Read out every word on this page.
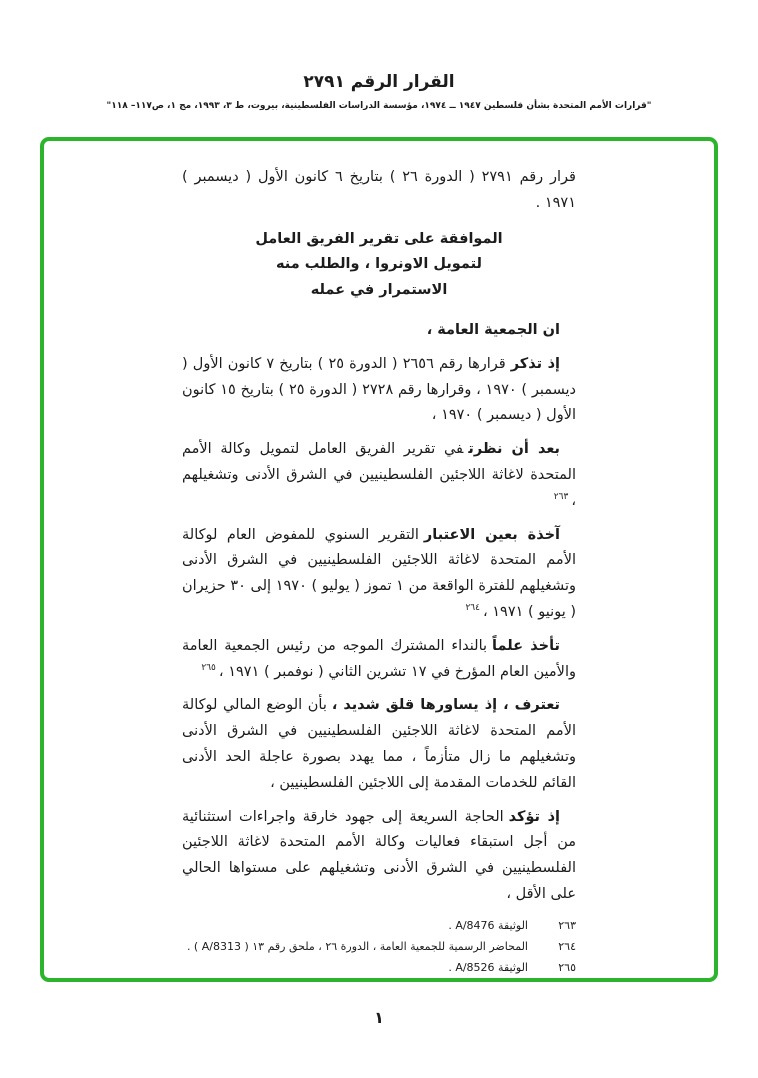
القرار الرقم ٢٧٩١
"قرارات الأمم المتحدة بشأن فلسطين ١٩٤٧ ــ ١٩٧٤، مؤسسة الدراسات الفلسطينية، بيروت، ط ٣، ١٩٩٣، مج ١، ص١١٧– ١١٨"

قرار رقم ٢٧٩١ ( الدورة ٢٦ ) بتاريخ ٦ كانون الأول ( ديسمبر ) ١٩٧١ .

الموافقة على تقرير الفريق العامل
لتمويل الاونروا ، والطلب منه
الاستمرار في عمله

ان الجمعية العامة ،

إذ تذكرقرارها رقم ٢٦٥٦ ( الدورة ٢٥ ) بتاريخ ٧ كانون الأول ( ديسمبر ) ١٩٧٠ ، وقرارها رقم ٢٧٢٨ ( الدورة ٢٥ ) بتاريخ ١٥ كانون الأول ( ديسمبر ) ١٩٧٠ ،

بعد أن نظرتفي تقرير الفريق العامل لتمويل وكالة الأمم المتحدة لاغاثة اللاجئين الفلسطينيين في الشرق الأدنى وتشغيلهم ،$^{٢٦٣}$

آخذة بعين الاعتبارالتقرير السنوي للمفوض العام لوكالة الأمم المتحدة لاغاثة اللاجئين الفلسطينيين في الشرق الأدنى وتشغيلهم للفترة الواقعة من ١ تموز ( يوليو ) ١٩٧٠ إلى ٣٠ حزيران ( يونيو ) ١٩٧١ ،$^{٢٦٤}$

تأخذ علماًبالنداء المشترك الموجه من رئيس الجمعية العامة والأمين العام المؤرخ في ١٧ تشرين الثاني ( نوفمبر ) ١٩٧١ ،$^{٢٦٥}$

تعترف ، إذ يساورها قلق شديد ،بأن الوضع المالي لوكالة الأمم المتحدة لاغاثة اللاجئين الفلسطينيين في الشرق الأدنى وتشغيلهم ما زال متأزماً ، مما يهدد بصورة عاجلة الحد الأدنى القائم للخدمات المقدمة إلى اللاجئين الفلسطينيين ،

إذ تؤكدالحاجة السريعة إلى جهود خارقة واجراءات استثنائية من أجل استبقاء فعاليات وكالة الأمم المتحدة لاغاثة اللاجئين الفلسطينيين في الشرق الأدنى وتشغيلهم على مستواها الحالي على الأقل ،

٢٦٣
الوثيقة A/8476 .
٢٦٤
المحاضر الرسمية للجمعية العامة ، الدورة ٢٦ ، ملحق رقم ١٣ ( A/8313 ) .
٢٦٥
الوثيقة A/8526 .
١
